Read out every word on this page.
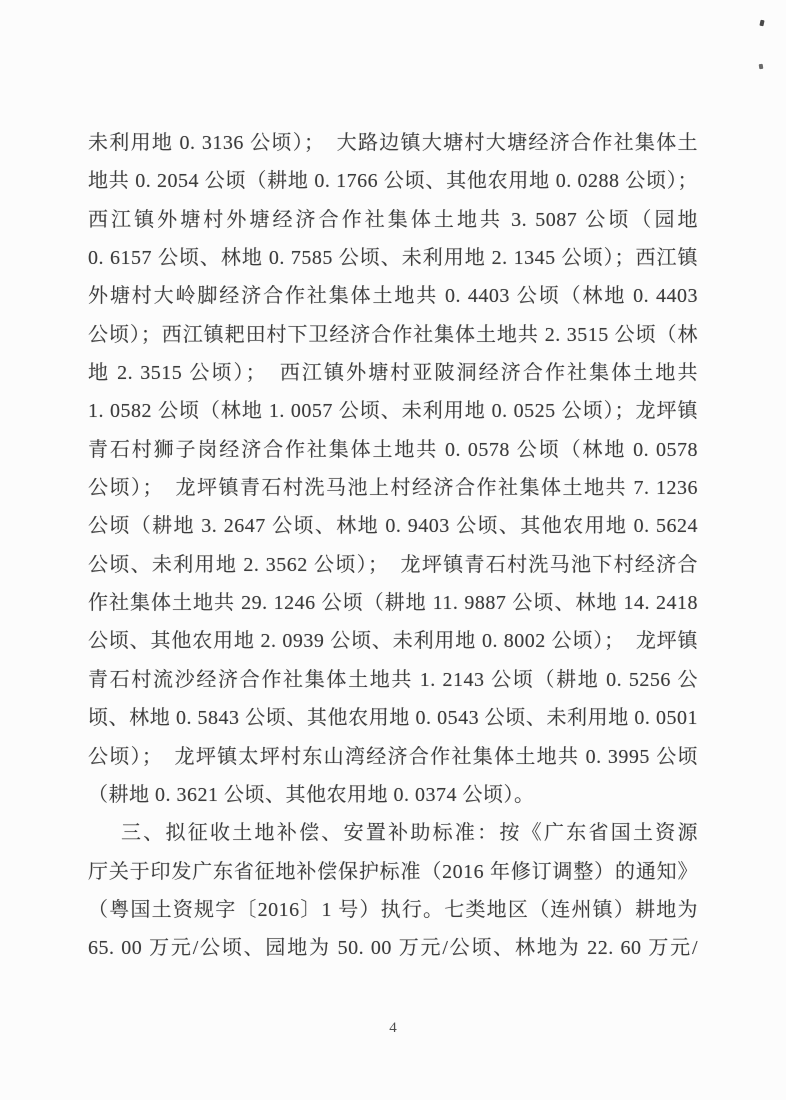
未利用地 0. 3136 公顷）；　大路边镇大塘村大塘经济合作社集体土
地共 0. 2054 公顷（耕地 0. 1766 公顷、其他农用地 0. 0288 公顷）；
西江镇外塘村外塘经济合作社集体土地共 3. 5087 公顷（园地
0. 6157 公顷、林地 0. 7585 公顷、未利用地 2. 1345 公顷）；西江镇
外塘村大岭脚经济合作社集体土地共 0. 4403 公顷（林地 0. 4403
公顷）；西江镇耙田村下卫经济合作社集体土地共 2. 3515 公顷（林
地 2. 3515 公顷）；　西江镇外塘村亚陂洞经济合作社集体土地共
1. 0582 公顷（林地 1. 0057 公顷、未利用地 0. 0525 公顷）；龙坪镇
青石村狮子岗经济合作社集体土地共 0. 0578 公顷（林地 0. 0578
公顷）；　龙坪镇青石村洗马池上村经济合作社集体土地共 7. 1236
公顷（耕地 3. 2647 公顷、林地 0. 9403 公顷、其他农用地 0. 5624
公顷、未利用地 2. 3562 公顷）；　龙坪镇青石村洗马池下村经济合
作社集体土地共 29. 1246 公顷（耕地 11. 9887 公顷、林地 14. 2418
公顷、其他农用地 2. 0939 公顷、未利用地 0. 8002 公顷）；　龙坪镇
青石村流沙经济合作社集体土地共 1. 2143 公顷（耕地 0. 5256 公
顷、林地 0. 5843 公顷、其他农用地 0. 0543 公顷、未利用地 0. 0501
公顷）；　龙坪镇太坪村东山湾经济合作社集体土地共 0. 3995 公顷
（耕地 0. 3621 公顷、其他农用地 0. 0374 公顷）。
三、拟征收土地补偿、安置补助标准：按《广东省国土资源
厅关于印发广东省征地补偿保护标准（2016 年修订调整）的通知》
（粤国土资规字〔2016〕1 号）执行。七类地区（连州镇）耕地为
65. 00 万元/公顷、园地为 50. 00 万元/公顷、林地为 22. 60 万元/
4
